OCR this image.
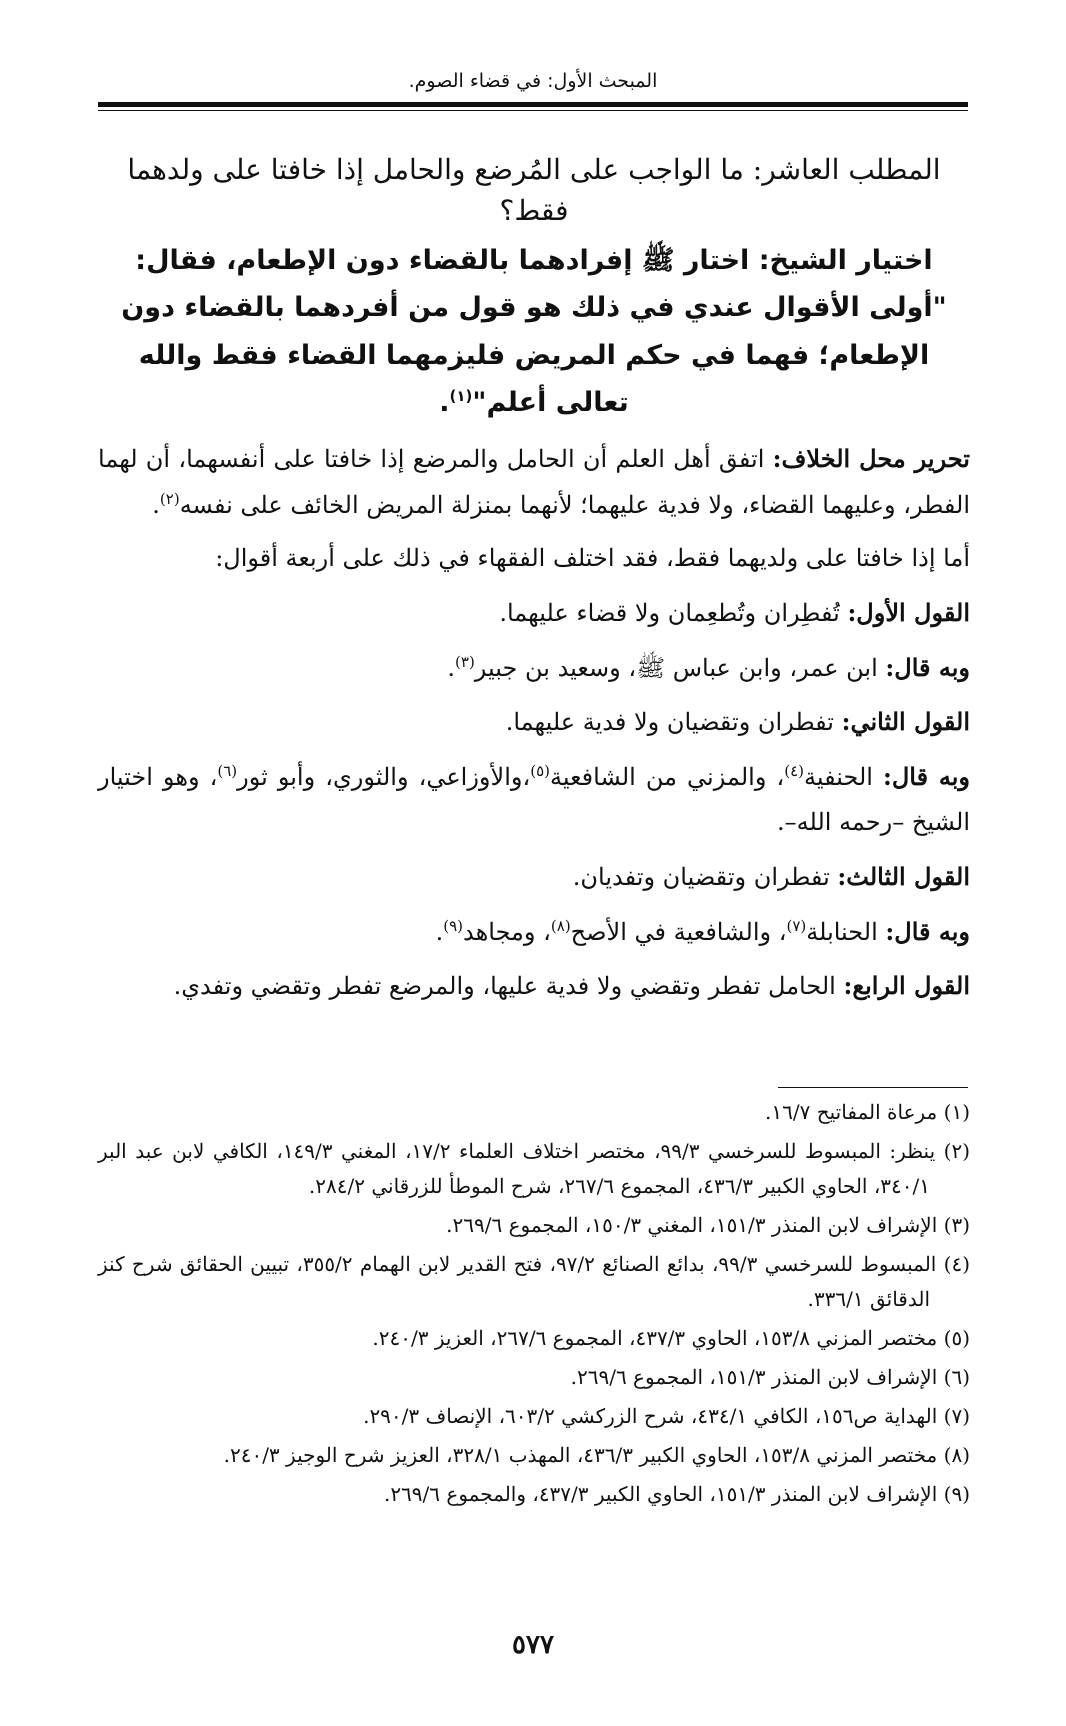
المبحث الأول: في قضاء الصوم.

المطلب العاشر: ما الواجب على المُرضع والحامل إذا خافتا على ولدهما فقط؟

اختيار الشيخ: اختار ﷺ إفرادهما بالقضاء دون الإطعام، فقال: "أولى الأقوال عندي في ذلك هو قول من أفردهما بالقضاء دون الإطعام؛ فهما في حكم المريض فليزمهما القضاء فقط والله تعالى أعلم"$^{(١)}$.

تحرير محل الخلاف: اتفق أهل العلم أن الحامل والمرضع إذا خافتا على أنفسهما، أن لهما الفطر، وعليهما القضاء، ولا فدية عليهما؛ لأنهما بمنزلة المريض الخائف على نفسه$^{(٢)}$.

أما إذا خافتا على ولديهما فقط، فقد اختلف الفقهاء في ذلك على أربعة أقوال:

القول الأول: تُفطِران وتُطعِمان ولا قضاء عليهما.

وبه قال: ابن عمر، وابن عباس ﷺ، وسعيد بن جبير$^{(٣)}$.

القول الثاني: تفطران وتقضيان ولا فدية عليهما.

وبه قال: الحنفية$^{(٤)}$، والمزني من الشافعية$^{(٥)}$،والأوزاعي، والثوري، وأبو ثور$^{(٦)}$، وهو اختيار الشيخ –رحمه الله–.

القول الثالث: تفطران وتقضيان وتفديان.

وبه قال: الحنابلة$^{(٧)}$، والشافعية في الأصح$^{(٨)}$، ومجاهد$^{(٩)}$.

القول الرابع: الحامل تفطر وتقضي ولا فدية عليها، والمرضع تفطر وتقضي وتفدي.

(١) مرعاة المفاتيح ١٦/٧.

(٢) ينظر: المبسوط للسرخسي ٩٩/٣، مختصر اختلاف العلماء ١٧/٢، المغني ١٤٩/٣، الكافي لابن عبد البر ٣٤٠/١، الحاوي الكبير ٤٣٦/٣، المجموع ٢٦٧/٦، شرح الموطأ للزرقاني ٢٨٤/٢.

(٣) الإشراف لابن المنذر ١٥١/٣، المغني ١٥٠/٣، المجموع ٢٦٩/٦.

(٤) المبسوط للسرخسي ٩٩/٣، بدائع الصنائع ٩٧/٢، فتح القدير لابن الهمام ٣٥٥/٢، تبيين الحقائق شرح كنز الدقائق ٣٣٦/١.

(٥) مختصر المزني ١٥٣/٨، الحاوي ٤٣٧/٣، المجموع ٢٦٧/٦، العزيز ٢٤٠/٣.

(٦) الإشراف لابن المنذر ١٥١/٣، المجموع ٢٦٩/٦.

(٧) الهداية ص١٥٦، الكافي ٤٣٤/١، شرح الزركشي ٦٠٣/٢، الإنصاف ٢٩٠/٣.

(٨) مختصر المزني ١٥٣/٨، الحاوي الكبير ٤٣٦/٣، المهذب ٣٢٨/١، العزيز شرح الوجيز ٢٤٠/٣.

(٩) الإشراف لابن المنذر ١٥١/٣، الحاوي الكبير ٤٣٧/٣، والمجموع ٢٦٩/٦.

٥٧٧
